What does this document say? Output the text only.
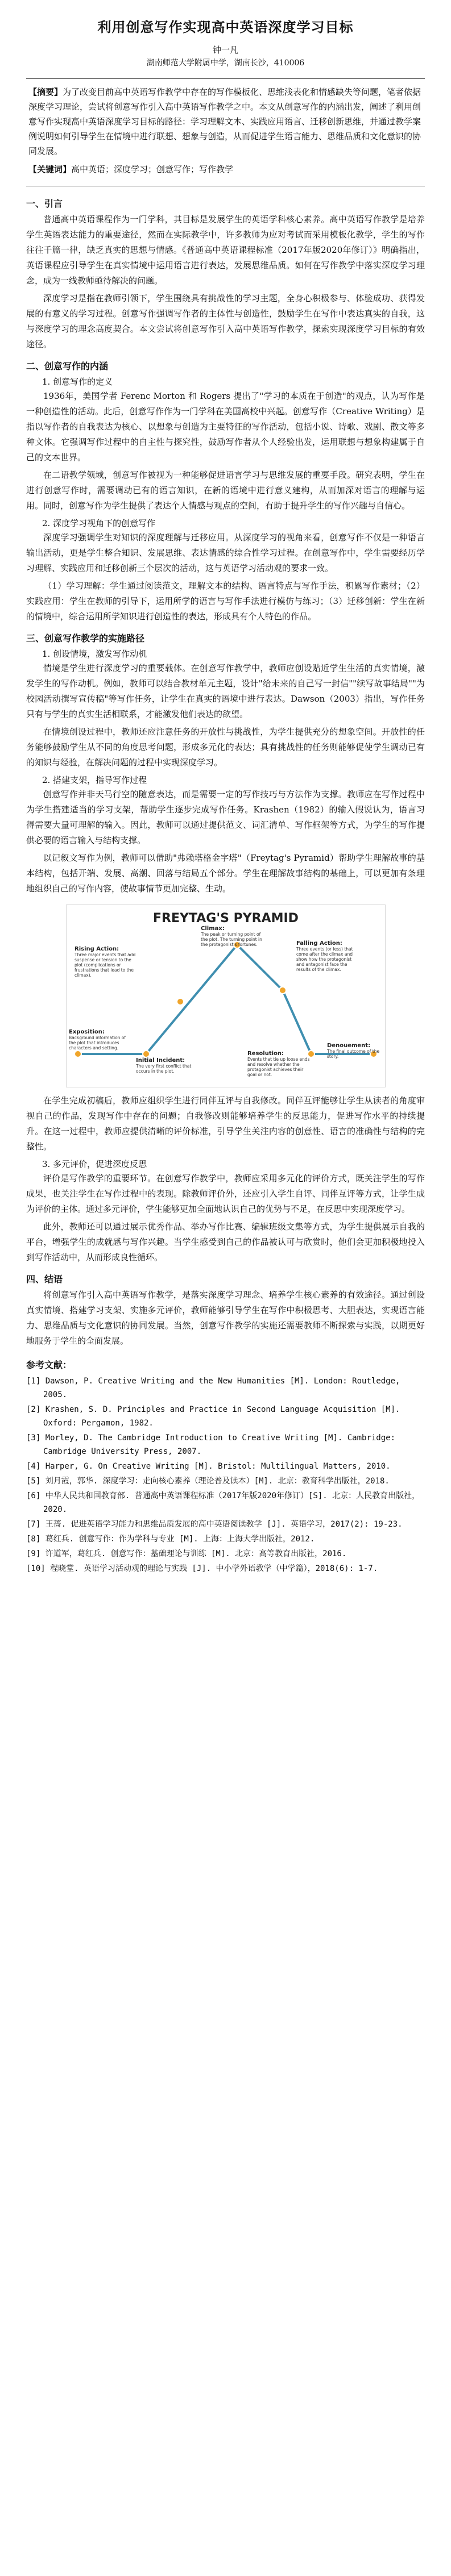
利用创意写作实现高中英语深度学习目标
钟一凡
湖南师范大学附属中学，湖南长沙，410006

【摘要】为了改变目前高中英语写作教学中存在的写作模板化、思维浅表化和情感缺失等问题，笔者依据深度学习理论，尝试将创意写作引入高中英语写作教学之中。本文从创意写作的内涵出发，阐述了利用创意写作实现高中英语深度学习目标的路径：学习理解文本、实践应用语言、迁移创新思维，并通过教学案例说明如何引导学生在情境中进行联想、想象与创造，从而促进学生语言能力、思维品质和文化意识的协同发展。

【关键词】高中英语；深度学习；创意写作；写作教学

一、引言

普通高中英语课程作为一门学科，其目标是发展学生的英语学科核心素养。高中英语写作教学是培养学生英语表达能力的重要途径，然而在实际教学中，许多教师为应对考试而采用模板化教学，学生的写作往往千篇一律，缺乏真实的思想与情感。《普通高中英语课程标准（2017年版2020年修订）》明确指出，英语课程应引导学生在真实情境中运用语言进行表达，发展思维品质。如何在写作教学中落实深度学习理念，成为一线教师亟待解决的问题。

深度学习是指在教师引领下，学生围绕具有挑战性的学习主题，全身心积极参与、体验成功、获得发展的有意义的学习过程。创意写作强调写作者的主体性与创造性，鼓励学生在写作中表达真实的自我，这与深度学习的理念高度契合。本文尝试将创意写作引入高中英语写作教学，探索实现深度学习目标的有效途径。

二、创意写作的内涵
1. 创意写作的定义

1936年，美国学者 Ferenc Morton 和 Rogers 提出了"学习的本质在于创造"的观点，认为写作是一种创造性的活动。此后，创意写作作为一门学科在美国高校中兴起。创意写作（Creative Writing）是指以写作者的自我表达为核心、以想象与创造为主要特征的写作活动，包括小说、诗歌、戏剧、散文等多种文体。它强调写作过程中的自主性与探究性，鼓励写作者从个人经验出发，运用联想与想象构建属于自己的文本世界。

在二语教学领域，创意写作被视为一种能够促进语言学习与思维发展的重要手段。研究表明，学生在进行创意写作时，需要调动已有的语言知识，在新的语境中进行意义建构，从而加深对语言的理解与运用。同时，创意写作为学生提供了表达个人情感与观点的空间，有助于提升学生的写作兴趣与自信心。

2. 深度学习视角下的创意写作

深度学习强调学生对知识的深度理解与迁移应用。从深度学习的视角来看，创意写作不仅是一种语言输出活动，更是学生整合知识、发展思维、表达情感的综合性学习过程。在创意写作中，学生需要经历学习理解、实践应用和迁移创新三个层次的活动，这与英语学习活动观的要求一致。

（1）学习理解：学生通过阅读范文，理解文本的结构、语言特点与写作手法，积累写作素材；（2）实践应用：学生在教师的引导下，运用所学的语言与写作手法进行模仿与练习；（3）迁移创新：学生在新的情境中，综合运用所学知识进行创造性的表达，形成具有个人特色的作品。

三、创意写作教学的实施路径
1. 创设情境，激发写作动机

情境是学生进行深度学习的重要载体。在创意写作教学中，教师应创设贴近学生生活的真实情境，激发学生的写作动机。例如，教师可以结合教材单元主题，设计"给未来的自己写一封信""续写故事结局""为校园活动撰写宣传稿"等写作任务，让学生在真实的语境中进行表达。Dawson（2003）指出，写作任务只有与学生的真实生活相联系，才能激发他们表达的欲望。

在情境创设过程中，教师还应注意任务的开放性与挑战性，为学生提供充分的想象空间。开放性的任务能够鼓励学生从不同的角度思考问题，形成多元化的表达；具有挑战性的任务则能够促使学生调动已有的知识与经验，在解决问题的过程中实现深度学习。

2. 搭建支架，指导写作过程

创意写作并非天马行空的随意表达，而是需要一定的写作技巧与方法作为支撑。教师应在写作过程中为学生搭建适当的学习支架，帮助学生逐步完成写作任务。Krashen（1982）的输入假说认为，语言习得需要大量可理解的输入。因此，教师可以通过提供范文、词汇清单、写作框架等方式，为学生的写作提供必要的语言输入与结构支撑。

以记叙文写作为例，教师可以借助"弗赖塔格金字塔"（Freytag's Pyramid）帮助学生理解故事的基本结构，包括开端、发展、高潮、回落与结局五个部分。学生在理解故事结构的基础上，可以更加有条理地组织自己的写作内容，使故事情节更加完整、生动。

FREYTAG'S PYRAMID
Exposition:
Background information of the plot that introduces characters and setting.
Initial Incident:
The very first conflict that occurs in the plot.
Rising Action:
Three major events that add suspense or tension to the plot (complications or frustrations that lead to the climax).
Climax:
The peak or turning point of the plot. The turning point in the protagonist's fortunes.	Falling Action:
Three events (or less) that come after the climax and show how the protagonist and antagonist face the results of the climax.
Resolution:
Events that tie up loose ends and resolve whether the protagonist achieves their goal or not.
Denouement:
The final outcome of the story.

在学生完成初稿后，教师应组织学生进行同伴互评与自我修改。同伴互评能够让学生从读者的角度审视自己的作品，发现写作中存在的问题；自我修改则能够培养学生的反思能力，促进写作水平的持续提升。在这一过程中，教师应提供清晰的评价标准，引导学生关注内容的创意性、语言的准确性与结构的完整性。

3. 多元评价，促进深度反思

评价是写作教学的重要环节。在创意写作教学中，教师应采用多元化的评价方式，既关注学生的写作成果，也关注学生在写作过程中的表现。除教师评价外，还应引入学生自评、同伴互评等方式，让学生成为评价的主体。通过多元评价，学生能够更加全面地认识自己的优势与不足，在反思中实现深度学习。

此外，教师还可以通过展示优秀作品、举办写作比赛、编辑班级文集等方式，为学生提供展示自我的平台，增强学生的成就感与写作兴趣。当学生感受到自己的作品被认可与欣赏时，他们会更加积极地投入到写作活动中，从而形成良性循环。

四、结语

将创意写作引入高中英语写作教学，是落实深度学习理念、培养学生核心素养的有效途径。通过创设真实情境、搭建学习支架、实施多元评价，教师能够引导学生在写作中积极思考、大胆表达，实现语言能力、思维品质与文化意识的协同发展。当然，创意写作教学的实施还需要教师不断探索与实践，以期更好地服务于学生的全面发展。

参考文献：
[1] Dawson, P. Creative Writing and the New Humanities [M]. London: Routledge, 2005.
[2] Krashen, S. D. Principles and Practice in Second Language Acquisition [M]. Oxford: Pergamon, 1982.
[3] Morley, D. The Cambridge Introduction to Creative Writing [M]. Cambridge: Cambridge University Press, 2007.
[4] Harper, G. On Creative Writing [M]. Bristol: Multilingual Matters, 2010.
[5] 刘月霞，郭华. 深度学习：走向核心素养（理论普及读本）[M]. 北京：教育科学出版社，2018.
[6] 中华人民共和国教育部. 普通高中英语课程标准（2017年版2020年修订）[S]. 北京：人民教育出版社，2020.
[7] 王蔷. 促进英语学习能力和思维品质发展的高中英语阅读教学 [J]. 英语学习，2017(2): 19-23.
[8] 葛红兵. 创意写作：作为学科与专业 [M]. 上海：上海大学出版社，2012.
[9] 许道军，葛红兵. 创意写作：基础理论与训练 [M]. 北京：高等教育出版社，2016.
[10] 程晓堂. 英语学习活动观的理论与实践 [J]. 中小学外语教学（中学篇），2018(6): 1-7.
